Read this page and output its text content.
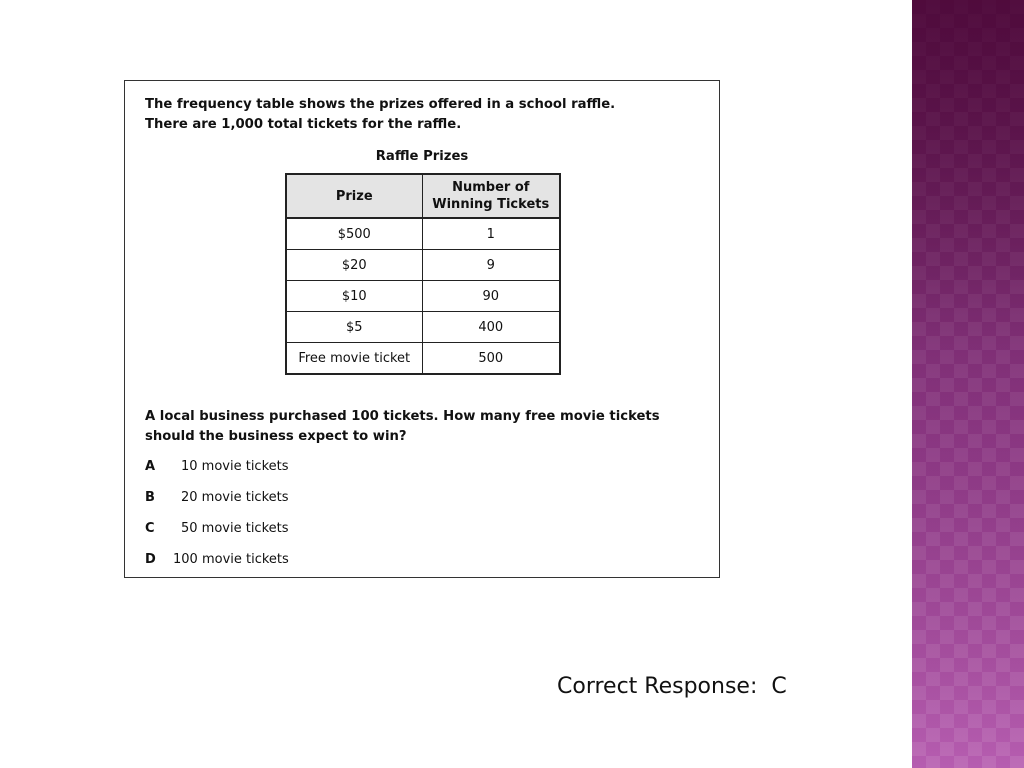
The frequency table shows the prizes offered in a school raffle.
There are 1,000 total tickets for the raffle.

Raffle Prizes

Prize	Number of
Winning Tickets
$500	1
$20	9
$10	90
$5	400
Free movie ticket	500

A local business purchased 100 tickets. How many free movie tickets
should the business expect to win?

A	10 movie tickets
B	20 movie tickets
C	50 movie tickets
D	100 movie tickets
Correct Response: C
